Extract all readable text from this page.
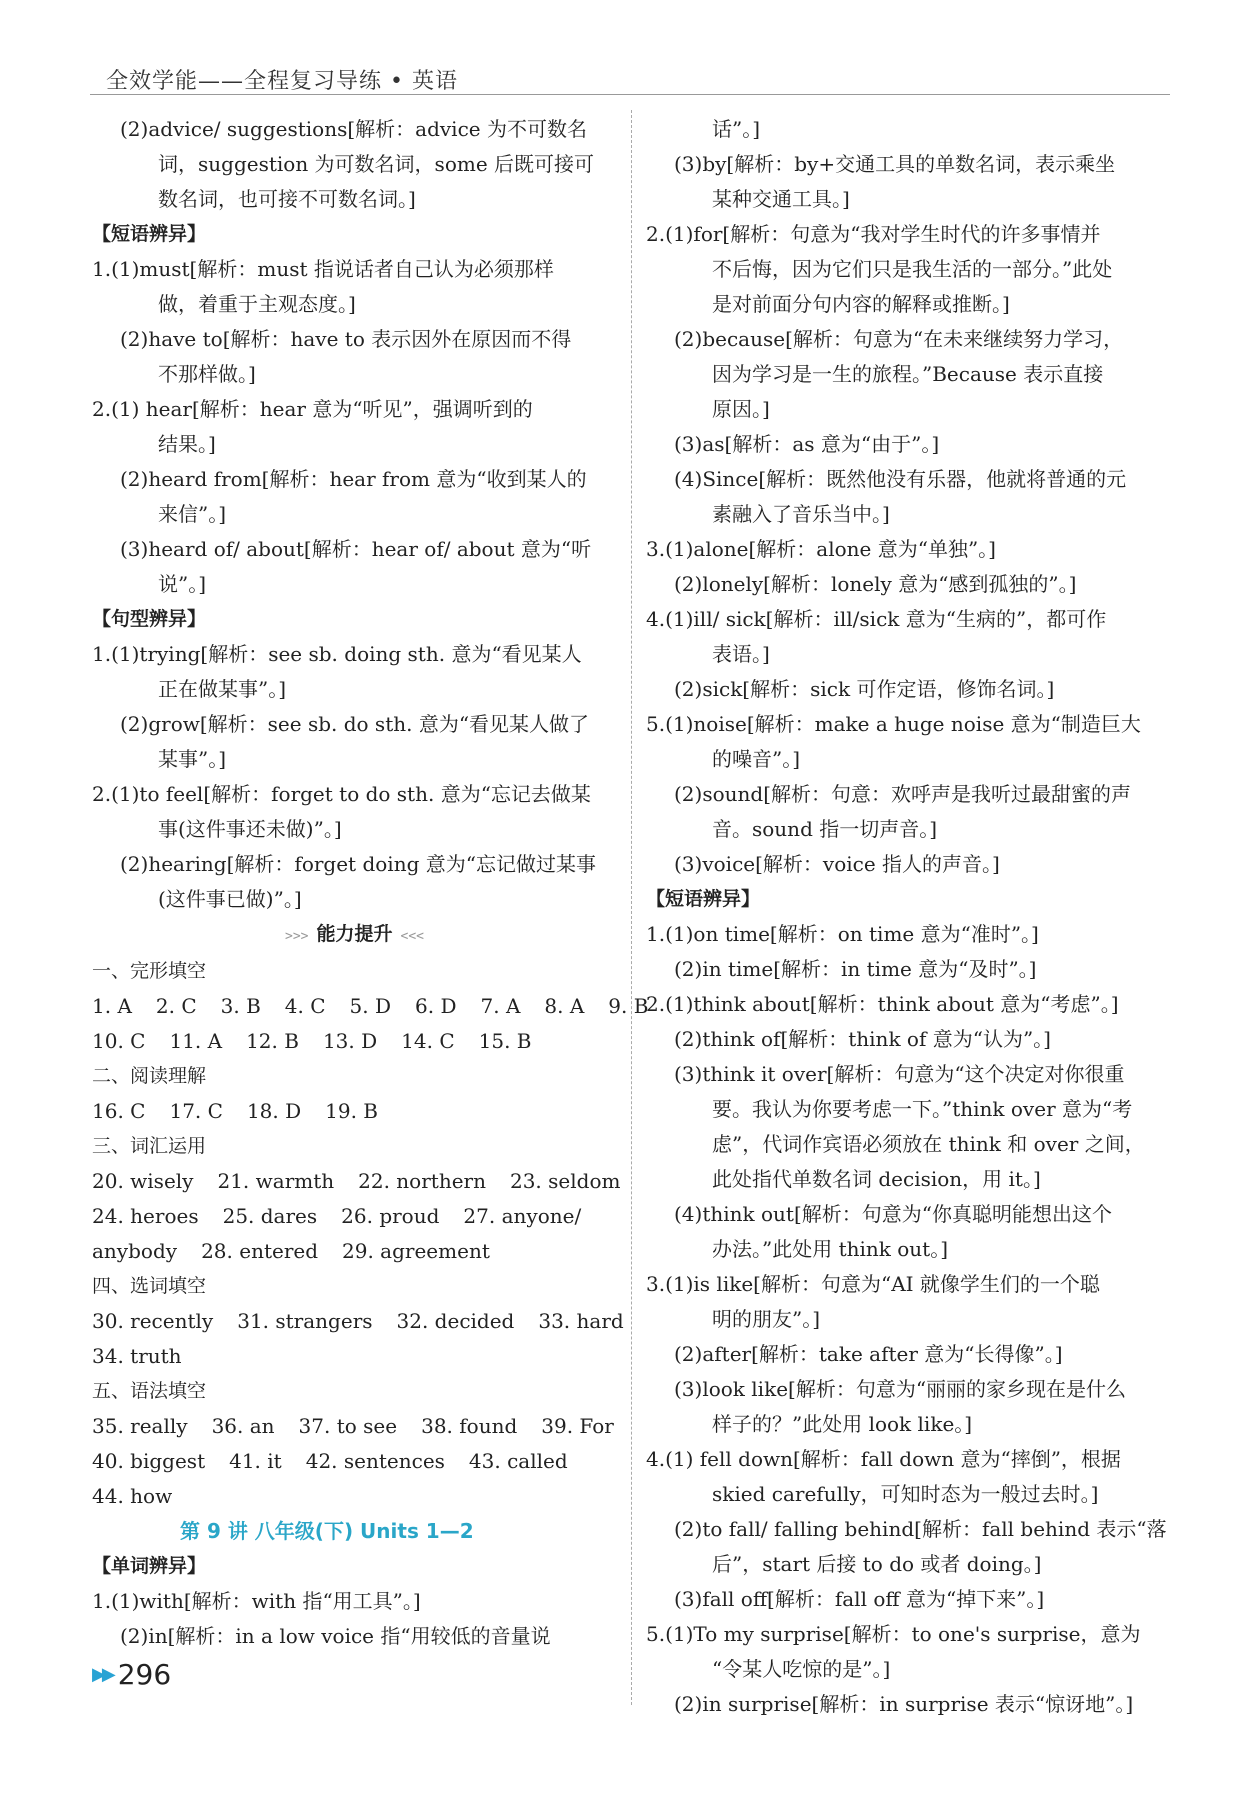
全效学能——全程复习导练 • 英语
(2)advice/ suggestions[解析：advice 为不可数名
词，suggestion 为可数名词，some 后既可接可
数名词，也可接不可数名词。]
【短语辨异】
1.(1)must[解析：must 指说话者自己认为必须那样
做，着重于主观态度。]
(2)have to[解析：have to 表示因外在原因而不得
不那样做。]
2.(1) hear[解析：hear 意为“听见”，强调听到的
结果。]
(2)heard from[解析：hear from 意为“收到某人的
来信”。]
(3)heard of/ about[解析：hear of/ about 意为“听
说”。]
【句型辨异】
1.(1)trying[解析：see sb. doing sth. 意为“看见某人
正在做某事”。]
(2)grow[解析：see sb. do sth. 意为“看见某人做了
某事”。]
2.(1)to feel[解析：forget to do sth. 意为“忘记去做某
事(这件事还未做)”。]
(2)hearing[解析：forget doing 意为“忘记做过某事
(这件事已做)”。]
>>> 能力提升 <<<
一、完形填空
1. A 2. C 3. B 4. C 5. D 6. D 7. A 8. A 9. B
10. C 11. A 12. B 13. D 14. C 15. B
二、阅读理解
16. C 17. C 18. D 19. B
三、词汇运用
20. wisely 21. warmth 22. northern 23. seldom
24. heroes 25. dares 26. proud 27. anyone/
anybody 28. entered 29. agreement
四、选词填空
30. recently 31. strangers 32. decided 33. hard
34. truth
五、语法填空
35. really 36. an 37. to see 38. found 39. For
40. biggest 41. it 42. sentences 43. called
44. how
第 9 讲 八年级(下) Units 1—2
【单词辨异】
1.(1)with[解析：with 指“用工具”。]
(2)in[解析：in a low voice 指“用较低的音量说
话”。]
(3)by[解析：by+交通工具的单数名词，表示乘坐
某种交通工具。]
2.(1)for[解析：句意为“我对学生时代的许多事情并
不后悔，因为它们只是我生活的一部分。”此处
是对前面分句内容的解释或推断。]
(2)because[解析：句意为“在未来继续努力学习，
因为学习是一生的旅程。”Because 表示直接
原因。]
(3)as[解析：as 意为“由于”。]
(4)Since[解析：既然他没有乐器，他就将普通的元
素融入了音乐当中。]
3.(1)alone[解析：alone 意为“单独”。]
(2)lonely[解析：lonely 意为“感到孤独的”。]
4.(1)ill/ sick[解析：ill/sick 意为“生病的”，都可作
表语。]
(2)sick[解析：sick 可作定语，修饰名词。]
5.(1)noise[解析：make a huge noise 意为“制造巨大
的噪音”。]
(2)sound[解析：句意：欢呼声是我听过最甜蜜的声
音。sound 指一切声音。]
(3)voice[解析：voice 指人的声音。]
【短语辨异】
1.(1)on time[解析：on time 意为“准时”。]
(2)in time[解析：in time 意为“及时”。]
2.(1)think about[解析：think about 意为“考虑”。]
(2)think of[解析：think of 意为“认为”。]
(3)think it over[解析：句意为“这个决定对你很重
要。我认为你要考虑一下。”think over 意为“考
虑”，代词作宾语必须放在 think 和 over 之间，
此处指代单数名词 decision，用 it。]
(4)think out[解析：句意为“你真聪明能想出这个
办法。”此处用 think out。]
3.(1)is like[解析：句意为“AI 就像学生们的一个聪
明的朋友”。]
(2)after[解析：take after 意为“长得像”。]
(3)look like[解析：句意为“丽丽的家乡现在是什么
样子的？”此处用 look like。]
4.(1) fell down[解析：fall down 意为“摔倒”，根据
skied carefully，可知时态为一般过去时。]
(2)to fall/ falling behind[解析：fall behind 表示“落
后”，start 后接 to do 或者 doing。]
(3)fall off[解析：fall off 意为“掉下来”。]
5.(1)To my surprise[解析：to one's surprise，意为
“令某人吃惊的是”。]
(2)in surprise[解析：in surprise 表示“惊讶地”。]
▶▶ 296
